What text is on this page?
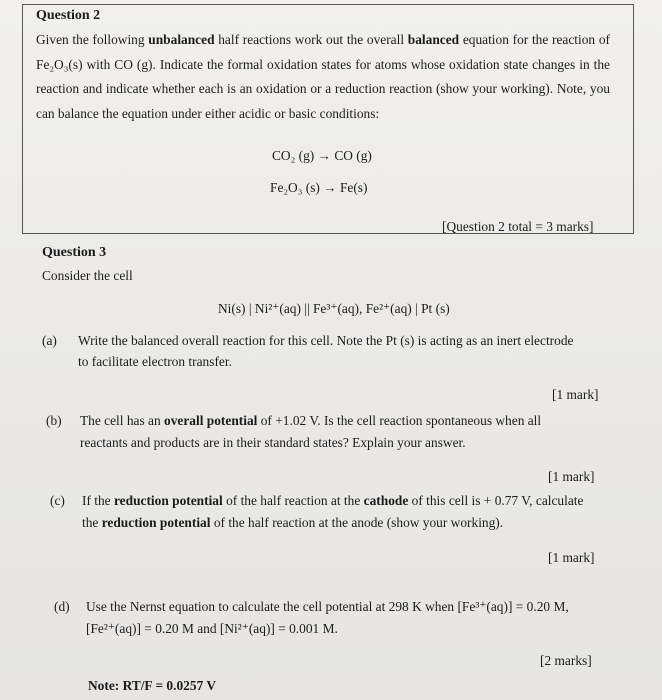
Question 2
Given the following unbalanced half reactions work out the overall balanced equation for the reaction of Fe₂O₃(s) with CO (g). Indicate the formal oxidation states for atoms whose oxidation state changes in the reaction and indicate whether each is an oxidation or a reduction reaction (show your working). Note, you can balance the equation under either acidic or basic conditions:
CO₂ (g) → CO (g)
Fe₂O₃ (s) → Fe(s)
[Question 2 total = 3 marks]
Question 3
Consider the cell
Ni(s) | Ni²⁺(aq) || Fe³⁺(aq), Fe²⁺(aq) | Pt (s)
(a) Write the balanced overall reaction for this cell. Note the Pt (s) is acting as an inert electrode
to facilitate electron transfer.
[1 mark]
(b) The cell has an overall potential of +1.02 V. Is the cell reaction spontaneous when all
reactants and products are in their standard states? Explain your answer.
[1 mark]
(c) If the reduction potential of the half reaction at the cathode of this cell is + 0.77 V, calculate
the reduction potential of the half reaction at the anode (show your working).
[1 mark]
(d) Use the Nernst equation to calculate the cell potential at 298 K when [Fe³⁺(aq)] = 0.20 M,
[Fe²⁺(aq)] = 0.20 M and [Ni²⁺(aq)] = 0.001 M.
[2 marks]
Note: RT/F = 0.0257 V
